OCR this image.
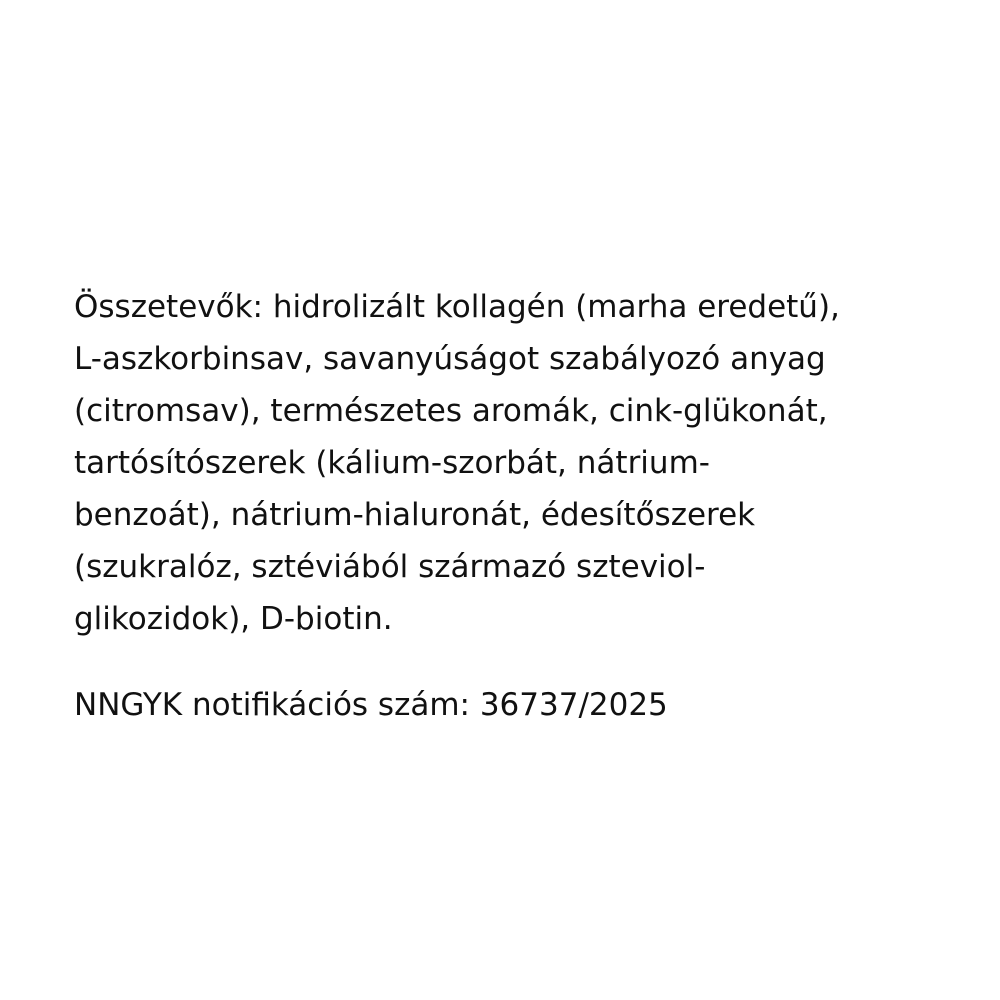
Összetevők: hidrolizált kollagén (marha eredetű),
L-aszkorbinsav, savanyúságot szabályozó anyag
(citromsav), természetes aromák, cink-glükonát,
tartósítószerek (kálium-szorbát, nátrium-
benzoát), nátrium-hialuronát, édesítőszerek
(szukralóz, sztéviából származó szteviol-
glikozidok), D-biotin.

NNGYK notifikációs szám: 36737/2025
